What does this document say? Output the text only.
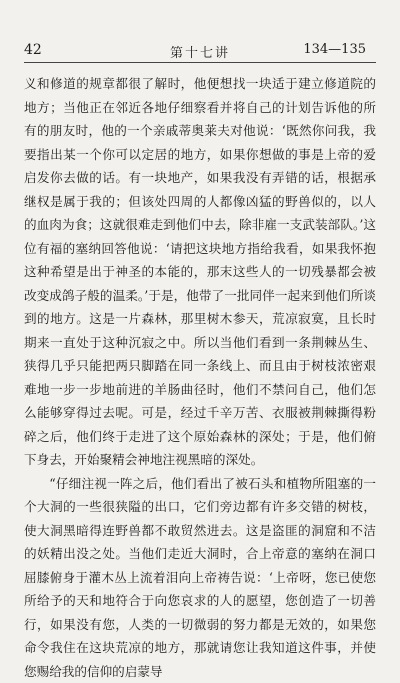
42	第十七讲	134—135

义和修道的规章都很了解时，他便想找一块适于建立修道院的地方；当他正在邻近各地仔细察看并将自己的计划告诉他的所有的朋友时，他的一个亲戚蒂奥莱夫对他说：‘既然你问我，我要指出某一个你可以定居的地方，如果你想做的事是上帝的爱启发你去做的话。有一块地产，如果我没有弄错的话，根据承继权是属于我的；但该处四周的人都像凶猛的野兽似的，以人的血肉为食；这就很难走到他们中去，除非雇一支武装部队。’这位有福的塞纳回答他说：‘请把这块地方指给我看，如果我怀抱这种希望是出于神圣的本能的，那末这些人的一切残暴都会被改变成鸽子般的温柔。’于是，他带了一批同伴一起来到他们所谈到的地方。这是一片森林，那里树木参天，荒凉寂寞，且长时期来一直处于这种沉寂之中。所以当他们看到一条荆棘丛生、狭得几乎只能把两只脚踏在同一条线上、而且由于树枝浓密艰难地一步一步地前进的羊肠曲径时，他们不禁问自己，他们怎么能够穿得过去呢。可是，经过千辛万苦、衣服被荆棘撕得粉碎之后，他们终于走进了这个原始森林的深处；于是，他们俯下身去，开始聚精会神地注视黑暗的深处。

“仔细注视一阵之后，他们看出了被石头和植物所阻塞的一个大洞的一些很狭隘的出口，它们旁边都有许多交错的树枝，使大洞黑暗得连野兽都不敢贸然进去。这是盗匪的洞窟和不洁的妖精出没之处。当他们走近大洞时，合上帝意的塞纳在洞口屈膝俯身于灌木丛上流着泪向上帝祷告说：‘上帝呀，您已使您所给予的天和地符合于向您哀求的人的愿望，您创造了一切善行，如果没有您，人类的一切微弱的努力都是无效的，如果您命令我住在这块荒凉的地方，那就请您让我知道这件事，并使您赐给我的信仰的启蒙导
